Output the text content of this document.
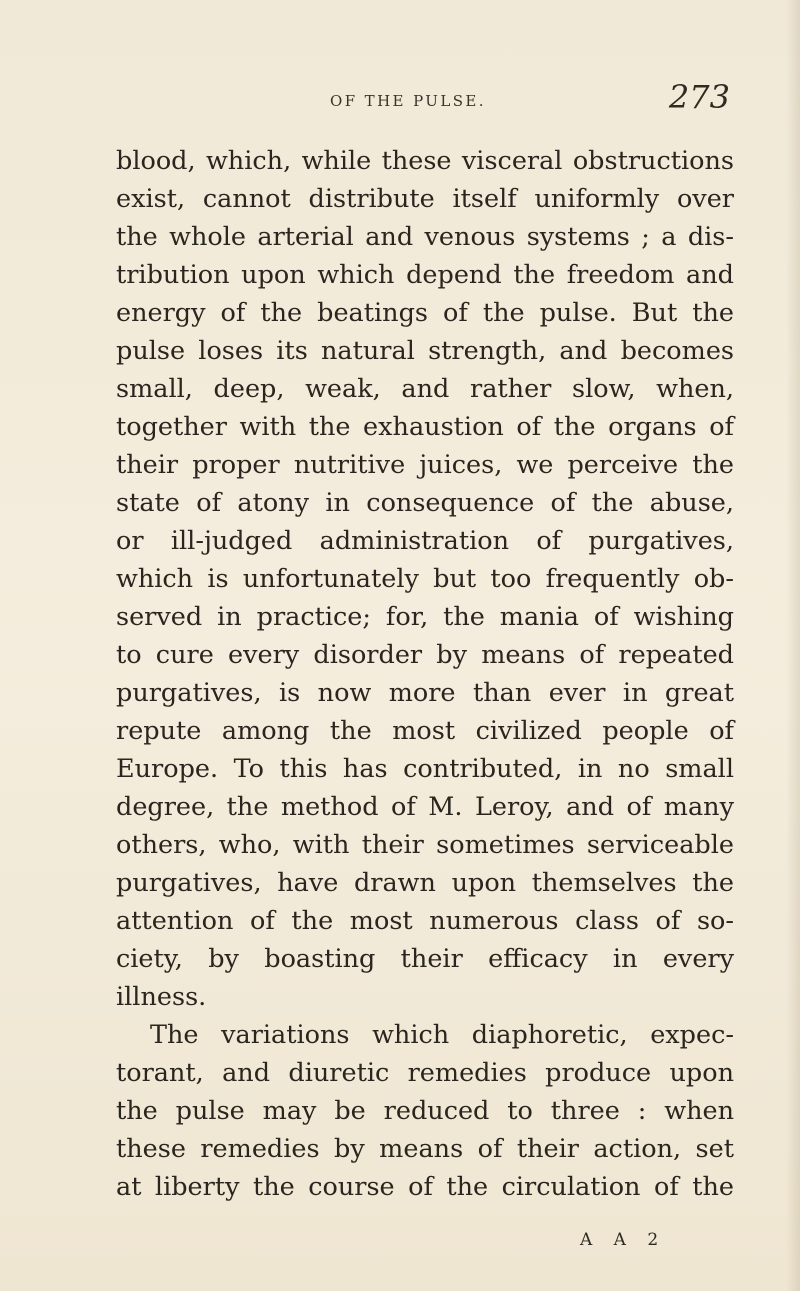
OF THE PULSE.	273
blood, which, while these visceral obstructions
exist, cannot distribute itself uniformly over
the whole arterial and venous systems ; a dis-
tribution upon which depend the freedom and
energy of the beatings of the pulse. But the
pulse loses its natural strength, and becomes
small, deep, weak, and rather slow, when,
together with the exhaustion of the organs of
their proper nutritive juices, we perceive the
state of atony in consequence of the abuse,
or ill-judged administration of purgatives,
which is unfortunately but too frequently ob-
served in practice; for, the mania of wishing
to cure every disorder by means of repeated
purgatives, is now more than ever in great
repute among the most civilized people of
Europe. To this has contributed, in no small
degree, the method of M. Leroy, and of many
others, who, with their sometimes serviceable
purgatives, have drawn upon themselves the
attention of the most numerous class of so-
ciety, by boasting their efficacy in every
illness.
The variations which diaphoretic, expec-
torant, and diuretic remedies produce upon
the pulse may be reduced to three : when
these remedies by means of their action, set
at liberty the course of the circulation of the
A A 2
